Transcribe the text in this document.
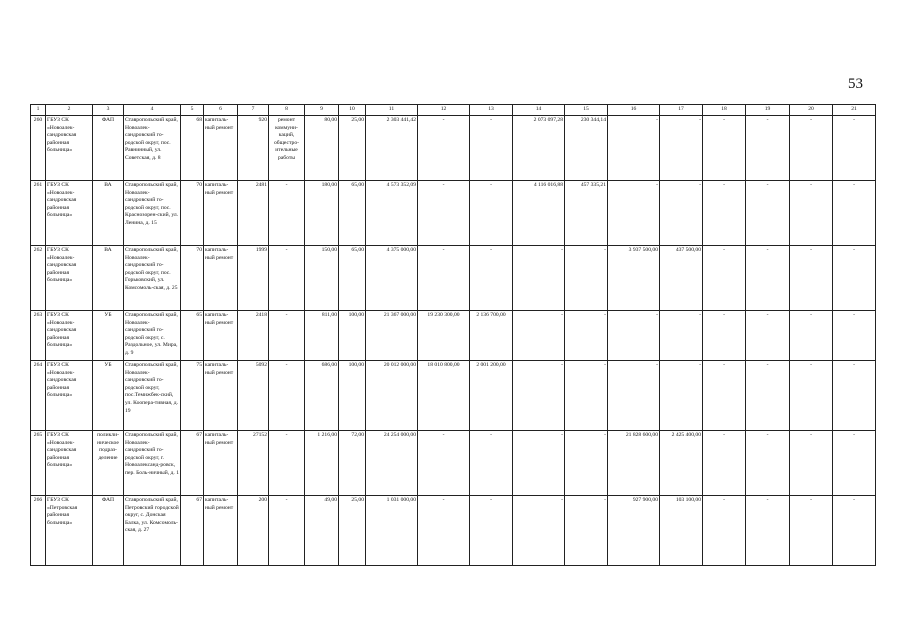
53
1	2	3	4	5	6	7	8	9	10	11	12	13	14	15	16	17	18	19	20	21
260	ГБУЗ СК «Новоалек-сандровская районная больница»	ФАП	Ставропольский край, Новоалек-сандровский го-родской округ, пос. Равнинный, ул. Советская, д. 8	68	капиталь-ный ремонт	920	ремонт коммуни-каций, общестро-ительные работы	80,00	25,00	2 303 441,42	-	-	2 073 097,28	230 344,14	-	-	-	-	-	-
261	ГБУЗ СК «Новоалек-сандровская районная больница»	ВА	Ставропольский край, Новоалек-сандровский го-родской округ, пос. Краснозорен-ский, ул. Ленина, д. 15	70	капиталь-ный ремонт	2481	-	180,00	65,00	4 573 352,09	-	-	4 116 016,88	457 335,21	-	-	-	-	-	-
262	ГБУЗ СК «Новоалек-сандровская районная больница»	ВА	Ставропольский край, Новоалек-сандровский го-родской округ, пос. Горьковский, ул. Комсомоль-ская, д. 25	70	капиталь-ный ремонт	1999	-	150,00	65,00	4 375 000,00	-	-	-	-	3 937 500,00	437 500,00	-	-	-	-
263	ГБУЗ СК «Новоалек-сандровская районная больница»	УБ	Ставропольский край, Новоалек-сандровский го-родской округ, с. Раздольное, ул. Мира, д. 9	65	капиталь-ный ремонт	2418	-	811,00	100,00	21 367 000,00	19 230 300,00	2 136 700,00	-	-	-	-	-	-	-	-
264	ГБУЗ СК «Новоалек-сандровская районная больница»	УБ	Ставропольский край, Новоалек-сандровский го-родской округ, пос.Темижбек-ский, ул. Коопера-тивная, д. 19	75	капиталь-ный ремонт	5092	-	686,00	100,00	20 012 000,00	18 010 800,00	2 001 200,00	-	-	-	-	-	-	-	-
265	ГБУЗ СК «Новоалек-сандровская районная больница»	поликли-ническое подраз-деление	Ставропольский край, Новоалек-сандровский го-родской округ, г. Новоалександ-ровск, пер. Боль-ничный, д. 1	67	капиталь-ный ремонт	27152	-	1 216,00	72,00	24 254 000,00	-	-	-	-	21 828 600,00	2 425 400,00	-	-	-	-
266	ГБУЗ СК «Петровская районная больница»	ФАП	Ставропольский край, Петровский городской округ, с. Донская Балка, ул. Комсомоль-ская, д. 27	67	капиталь-ный ремонт	200	-	49,00	25,00	1 031 000,00	-	-	-	-	927 900,00	103 100,00	-	-	-	-
